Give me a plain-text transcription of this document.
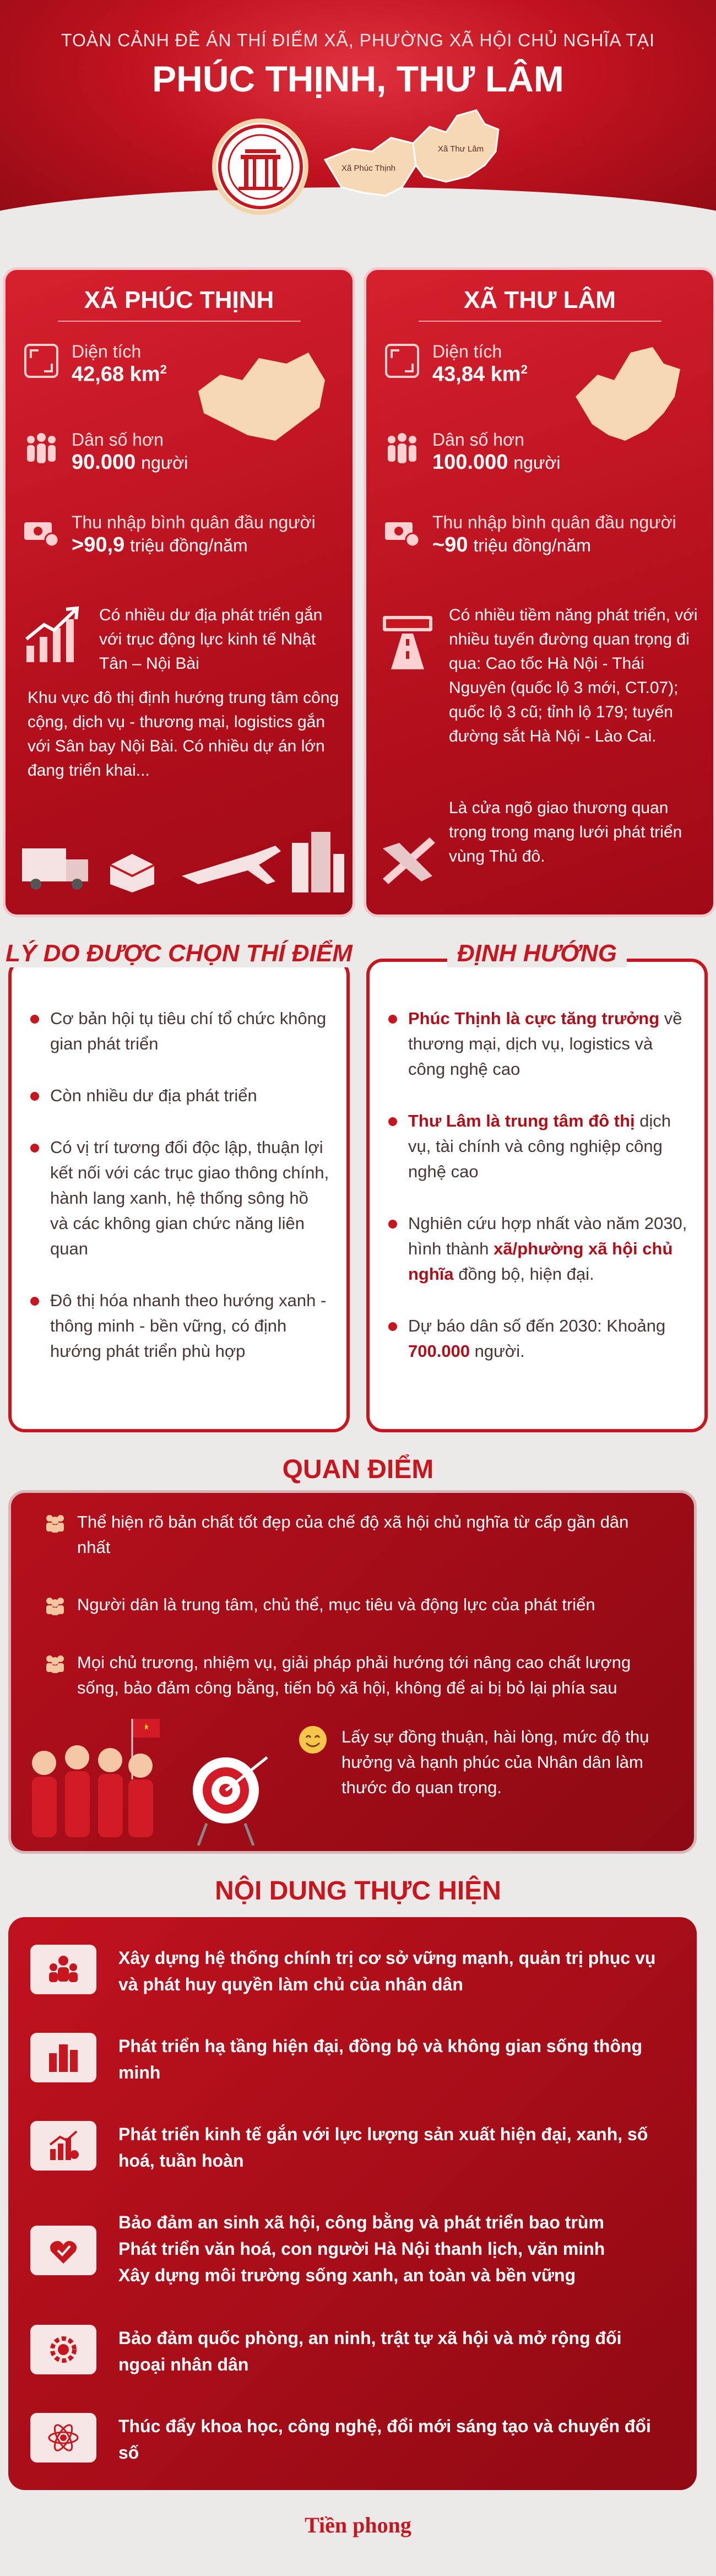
TOÀN CẢNH ĐỀ ÁN THÍ ĐIỂM XÃ, PHƯỜNG XÃ HỘI CHỦ NGHĨA TẠI
PHÚC THỊNH, THƯ LÂM
Xã Phúc Thịnh
Xã Thư Lâm
XÃ PHÚC THỊNH
Diện tích
42,68 $km^2$
Dân số hơn
90.000 người
Thu nhập bình quân đầu người
>90,9 triệu đồng/năm
Có nhiều dư địa phát triển gắn với trục động lực kinh tế Nhật Tân – Nội Bài
Khu vực đô thị định hướng trung tâm công cộng, dịch vụ - thương mại, logistics gắn với Sân bay Nội Bài. Có nhiều dự án lớn đang triển khai...
XÃ THƯ LÂM
Diện tích
43,84 $km^2$
Dân số hơn
100.000 người
Thu nhập bình quân đầu người
~90 triệu đồng/năm
Có nhiều tiềm năng phát triển, với nhiều tuyến đường quan trọng đi qua: Cao tốc Hà Nội - Thái Nguyên (quốc lộ 3 mới, CT.07); quốc lộ 3 cũ; tỉnh lộ 179; tuyến đường sắt Hà Nội - Lào Cai.
Là cửa ngõ giao thương quan trọng trong mạng lưới phát triển vùng Thủ đô.
LÝ DO ĐƯỢC CHỌN THÍ ĐIỂM
Cơ bản hội tụ tiêu chí tổ chức không gian phát triển
Còn nhiều dư địa phát triển
Có vị trí tương đối độc lập, thuận lợi kết nối với các trục giao thông chính, hành lang xanh, hệ thống sông hồ và các không gian chức năng liên quan
Đô thị hóa nhanh theo hướng xanh - thông minh - bền vững, có định hướng phát triển phù hợp
ĐỊNH HƯỚNG
Phúc Thịnh là cực tăng trưởng về thương mại, dịch vụ, logistics và công nghệ cao
Thư Lâm là trung tâm đô thị dịch vụ, tài chính và công nghiệp công nghệ cao
Nghiên cứu hợp nhất vào năm 2030, hình thành xã/phường xã hội chủ nghĩa đồng bộ, hiện đại.
Dự báo dân số đến 2030: Khoảng 700.000 người.
QUAN ĐIỂM
Thể hiện rõ bản chất tốt đẹp của chế độ xã hội chủ nghĩa từ cấp gần dân nhất
Người dân là trung tâm, chủ thể, mục tiêu và động lực của phát triển
Mọi chủ trương, nhiệm vụ, giải pháp phải hướng tới nâng cao chất lượng sống, bảo đảm công bằng, tiến bộ xã hội, không để ai bị bỏ lại phía sau
Lấy sự đồng thuận, hài lòng, mức độ thụ hưởng và hạnh phúc của Nhân dân làm thước đo quan trọng.
NỘI DUNG THỰC HIỆN
Xây dựng hệ thống chính trị cơ sở vững mạnh, quản trị phục vụ và phát huy quyền làm chủ của nhân dân
Phát triển hạ tầng hiện đại, đồng bộ và không gian sống thông minh
Phát triển kinh tế gắn với lực lượng sản xuất hiện đại, xanh, số hoá, tuần hoàn
Bảo đảm an sinh xã hội, công bằng và phát triển bao trùm
Phát triển văn hoá, con người Hà Nội thanh lịch, văn minh
Xây dựng môi trường sống xanh, an toàn và bền vững
Bảo đảm quốc phòng, an ninh, trật tự xã hội và mở rộng đối ngoại nhân dân
Thúc đẩy khoa học, công nghệ, đổi mới sáng tạo và chuyển đổi số
Tiền phong
